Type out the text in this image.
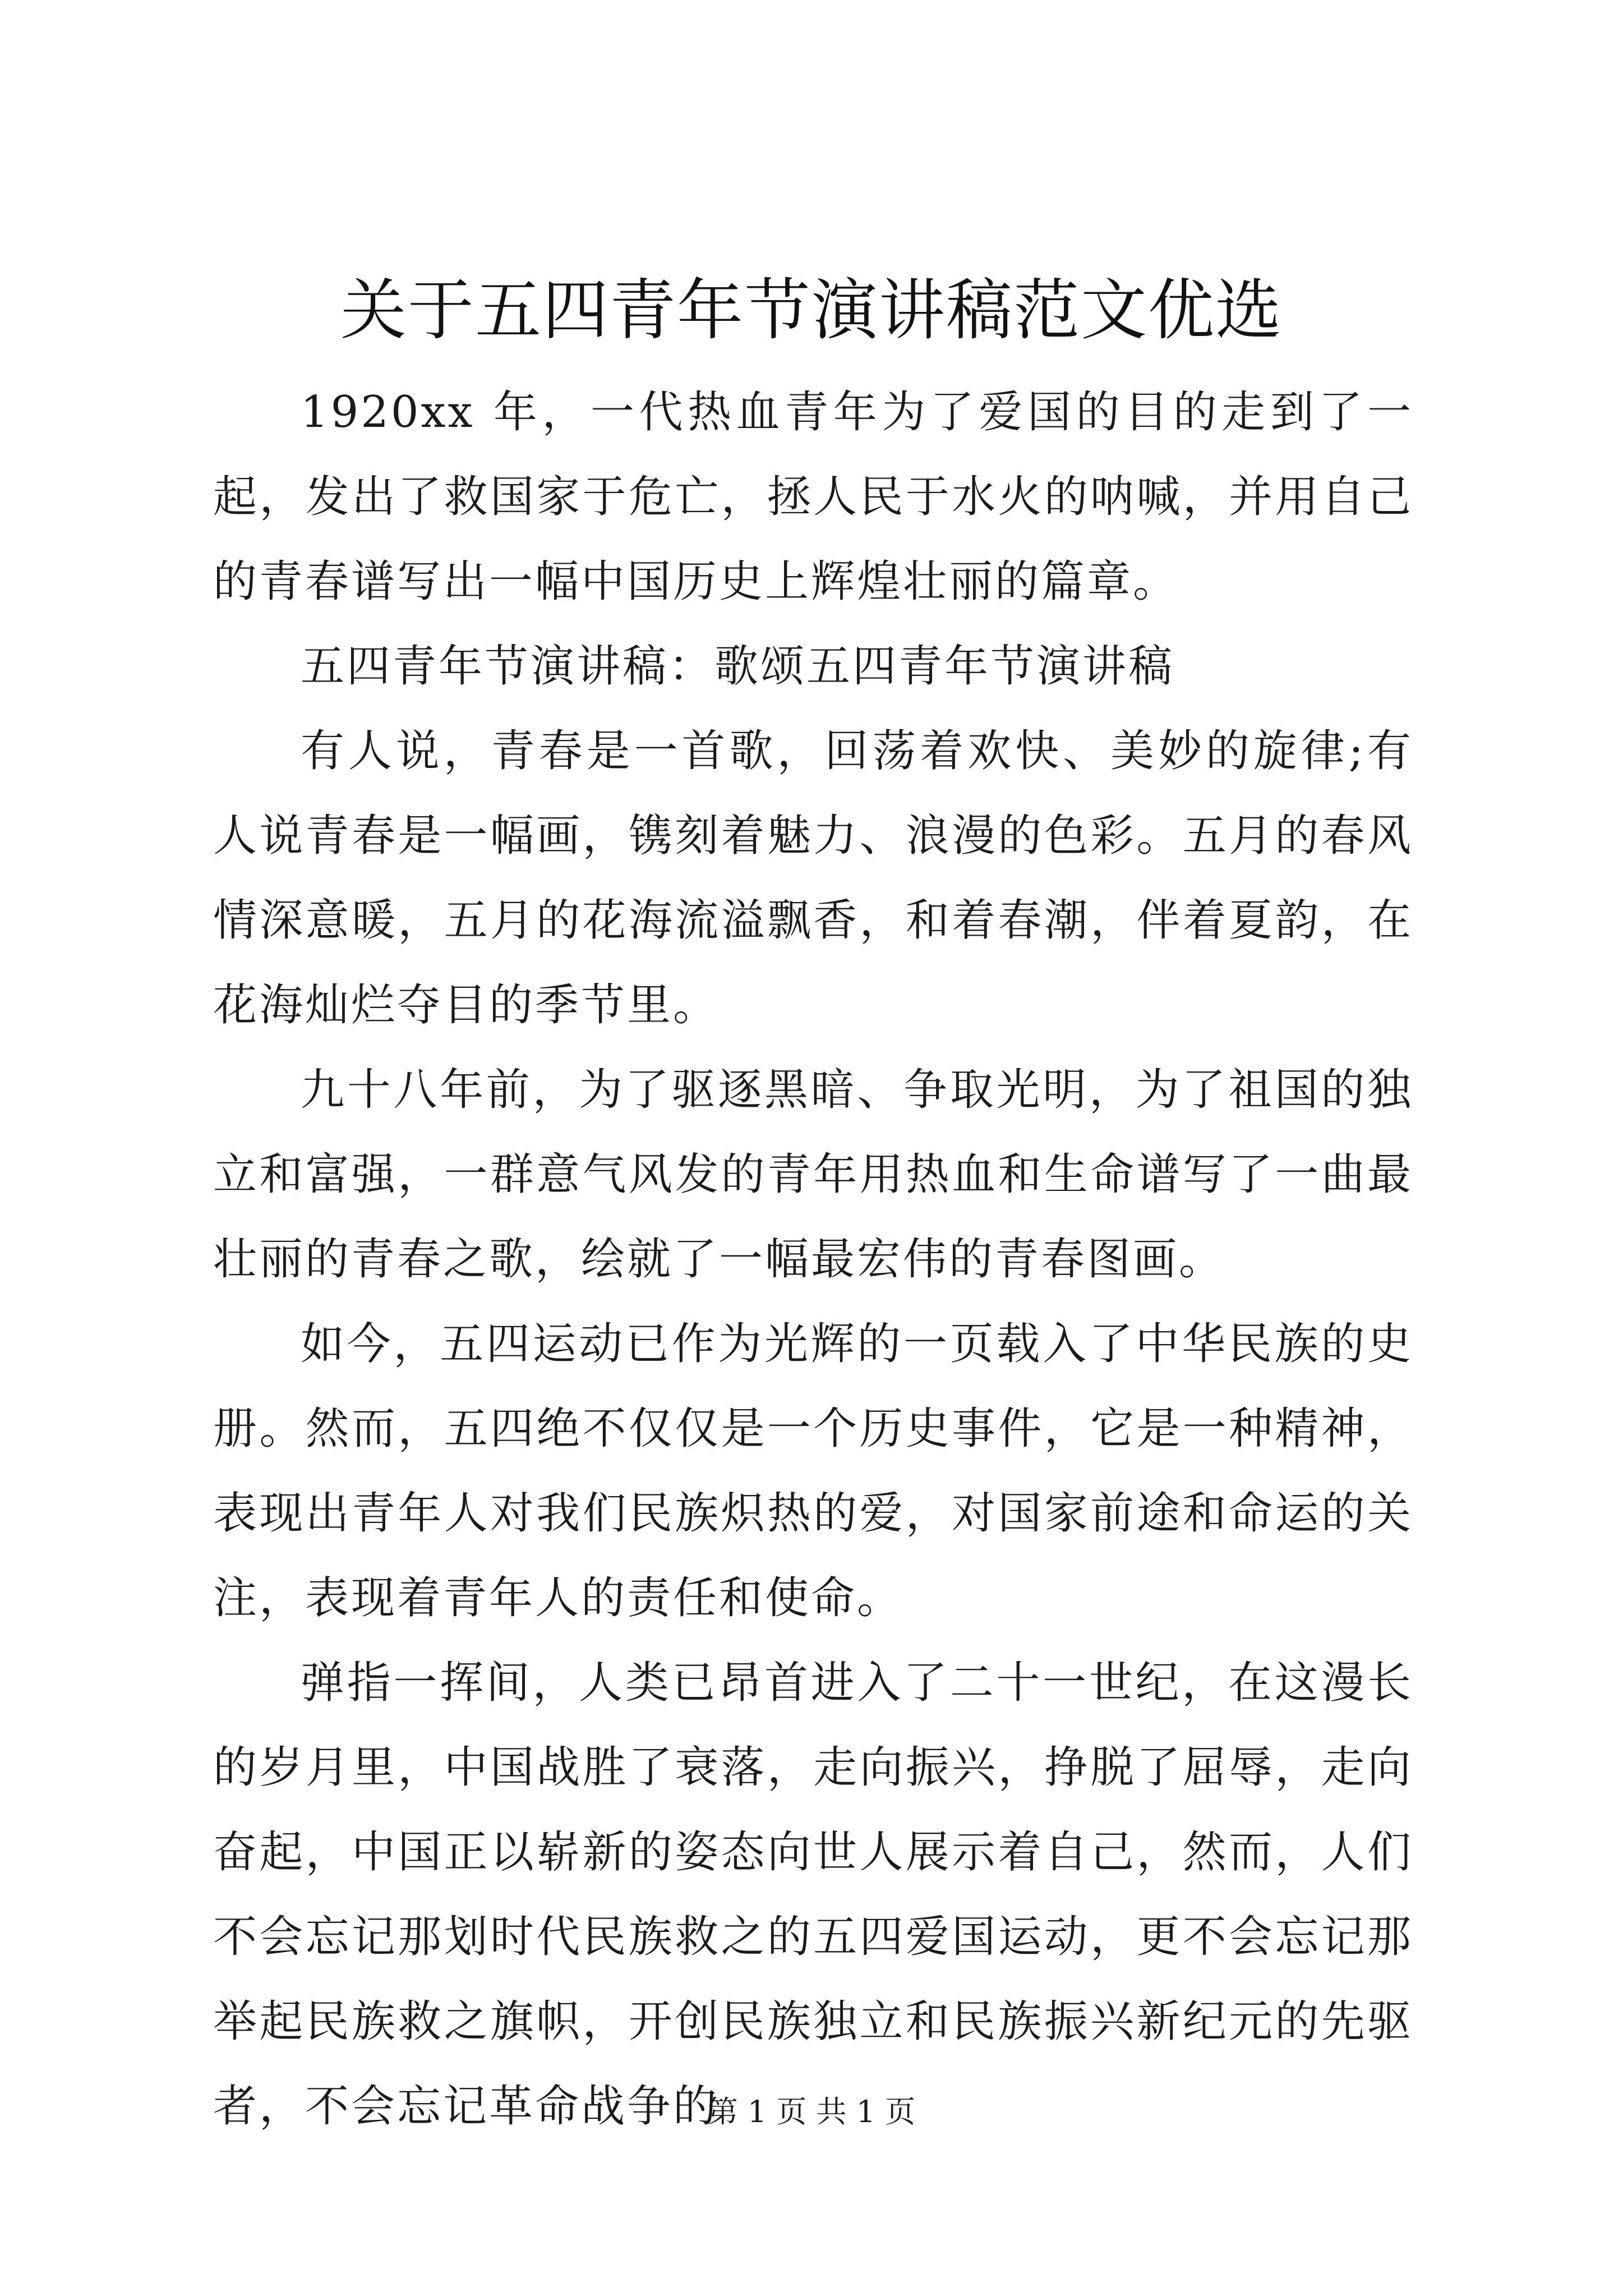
关于五四青年节演讲稿范文优选

1920xx 年，一代热血青年为了爱国的目的走到了一起，发出了救国家于危亡，拯人民于水火的呐喊，并用自己的青春谱写出一幅中国历史上辉煌壮丽的篇章。

五四青年节演讲稿：歌颂五四青年节演讲稿

有人说，青春是一首歌，回荡着欢快、美妙的旋律;有人说青春是一幅画，镌刻着魅力、浪漫的色彩。五月的春风情深意暖，五月的花海流溢飘香，和着春潮，伴着夏韵，在花海灿烂夺目的季节里。

九十八年前，为了驱逐黑暗、争取光明，为了祖国的独立和富强，一群意气风发的青年用热血和生命谱写了一曲最壮丽的青春之歌，绘就了一幅最宏伟的青春图画。

如今，五四运动已作为光辉的一页载入了中华民族的史册。然而，五四绝不仅仅是一个历史事件，它是一种精神，表现出青年人对我们民族炽热的爱，对国家前途和命运的关注，表现着青年人的责任和使命。

弹指一挥间，人类已昂首进入了二十一世纪，在这漫长的岁月里，中国战胜了衰落，走向振兴，挣脱了屈辱，走向奋起，中国正以崭新的姿态向世人展示着自己，然而，人们不会忘记那划时代民族救之的五四爱国运动，更不会忘记那举起民族救之旗帜，开创民族独立和民族振兴新纪元的先驱者，不会忘记革命战争的

第 1 页 共 1 页
